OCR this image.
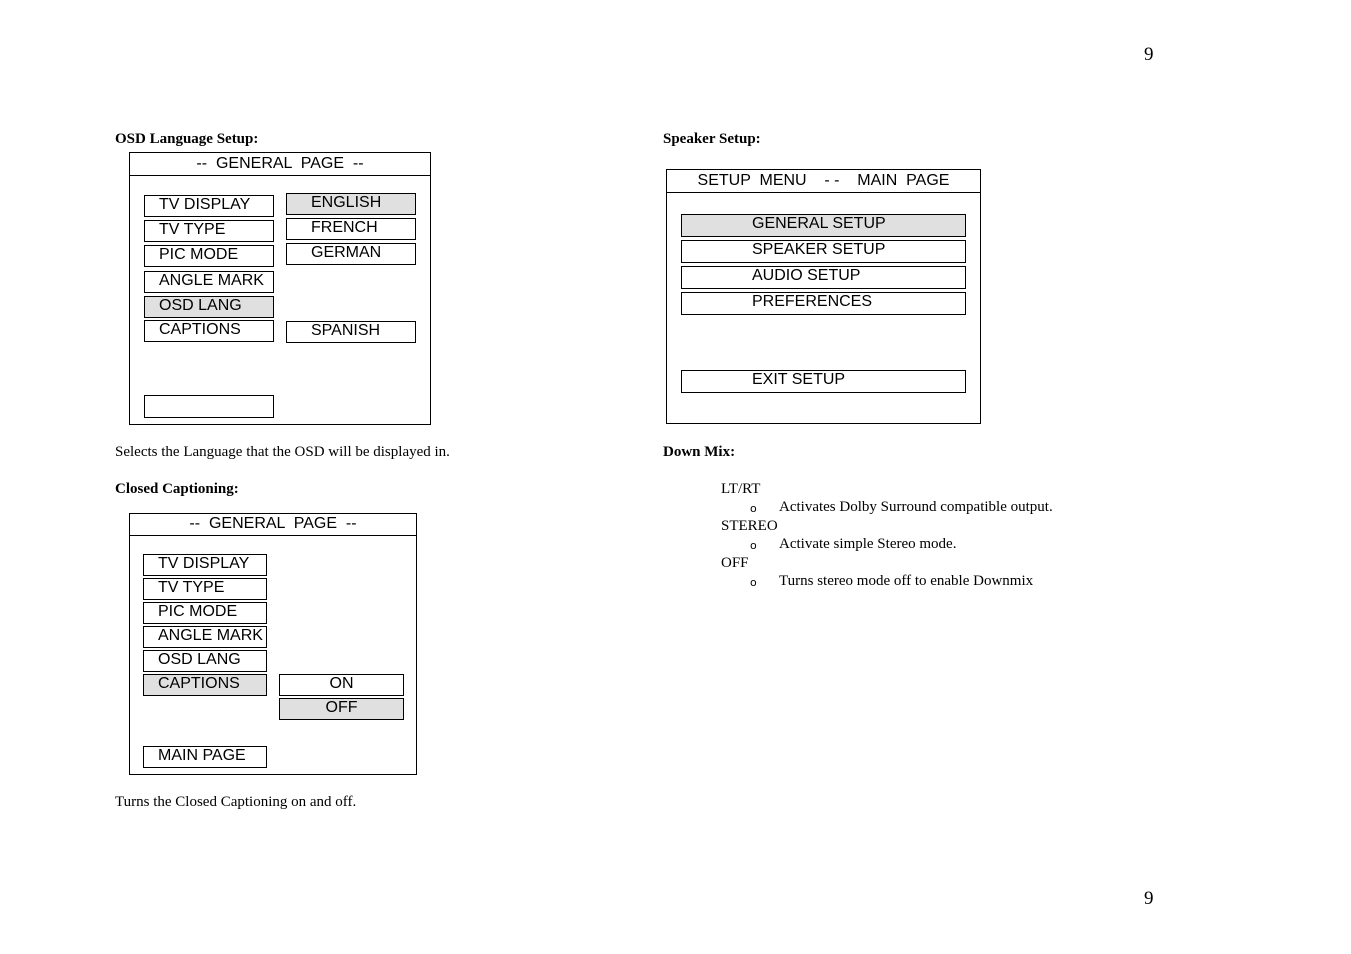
9
9
OSD Language Setup:
--  GENERAL  PAGE  --
TV DISPLAY
TV TYPE
PIC MODE
ANGLE MARK
OSD LANG
CAPTIONS
ENGLISH
FRENCH
GERMAN
SPANISH
Selects the Language that the OSD will be displayed in.
Closed Captioning:
--  GENERAL  PAGE  --
TV DISPLAY
TV TYPE
PIC MODE
ANGLE MARK
OSD LANG
CAPTIONS
MAIN PAGE
ON
OFF
Turns the Closed Captioning on and off.
Speaker Setup:
SETUP  MENU    - -    MAIN  PAGE
GENERAL SETUP
SPEAKER SETUP
AUDIO SETUP
PREFERENCES
EXIT SETUP
Down Mix:
LT/RT
o Activates Dolby Surround compatible output.
STEREO
o Activate simple Stereo mode.
OFF
o Turns stereo mode off to enable Downmix
